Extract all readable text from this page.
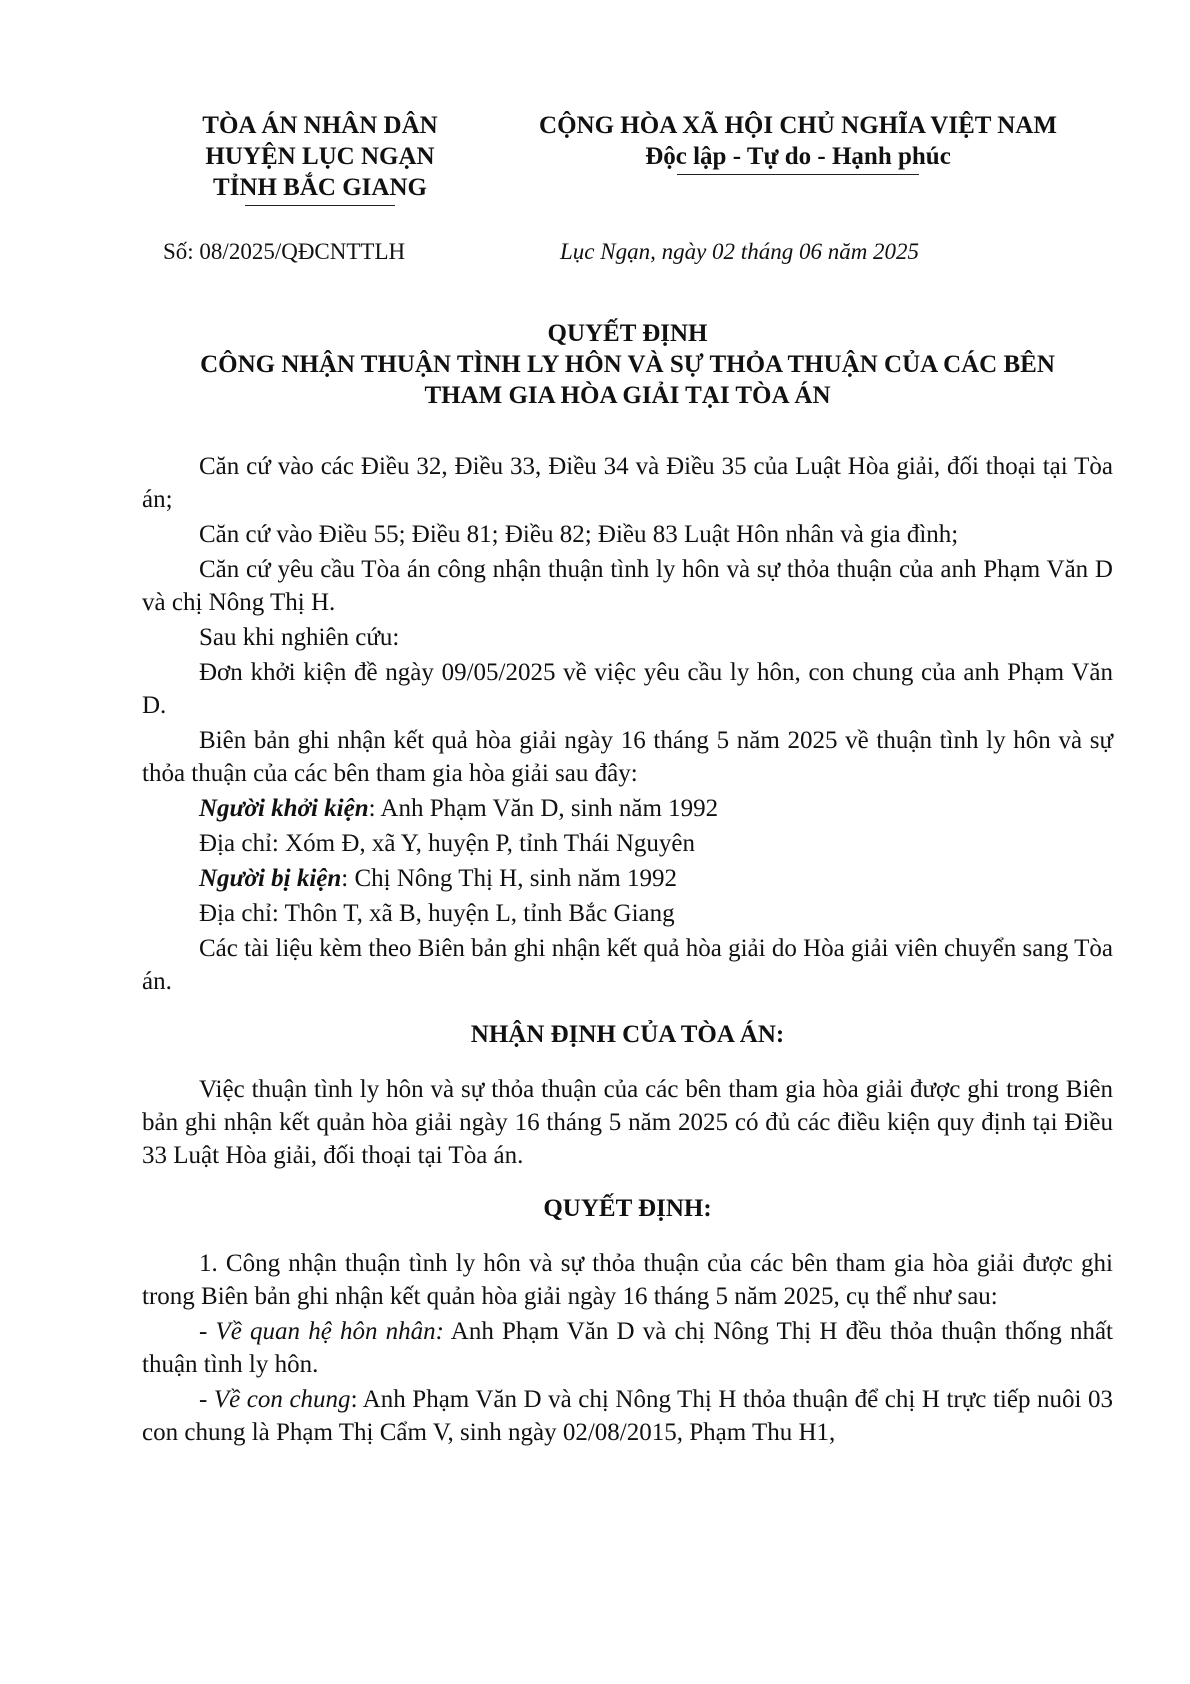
TÒA ÁN NHÂN DÂN
HUYỆN LỤC NGẠN
TỈNH BẮC GIANG
CỘNG HÒA XÃ HỘI CHỦ NGHĨA VIỆT NAM
Độc lập - Tự do - Hạnh phúc
Số: 08/2025/QĐCNTTLH	Lục Ngạn, ngày 02 tháng 06 năm 2025
QUYẾT ĐỊNH
CÔNG NHẬN THUẬN TÌNH LY HÔN VÀ SỰ THỎA THUẬN CỦA CÁC BÊN
THAM GIA HÒA GIẢI TẠI TÒA ÁN

Căn cứ vào các Điều 32, Điều 33, Điều 34 và Điều 35 của Luật Hòa giải, đối thoại tại Tòa án;

Căn cứ vào Điều 55; Điều 81; Điều 82; Điều 83 Luật Hôn nhân và gia đình;

Căn cứ yêu cầu Tòa án công nhận thuận tình ly hôn và sự thỏa thuận của anh Phạm Văn D và chị Nông Thị H.

Sau khi nghiên cứu:

Đơn khởi kiện đề ngày 09/05/2025 về việc yêu cầu ly hôn, con chung của anh Phạm Văn D.

Biên bản ghi nhận kết quả hòa giải ngày 16 tháng 5 năm 2025 về thuận tình ly hôn và sự thỏa thuận của các bên tham gia hòa giải sau đây:

Người khởi kiện: Anh Phạm Văn D, sinh năm 1992

Địa chỉ: Xóm Đ, xã Y, huyện P, tỉnh Thái Nguyên

Người bị kiện: Chị Nông Thị H, sinh năm 1992

Địa chỉ: Thôn T, xã B, huyện L, tỉnh Bắc Giang

Các tài liệu kèm theo Biên bản ghi nhận kết quả hòa giải do Hòa giải viên chuyển sang Tòa án.

NHẬN ĐỊNH CỦA TÒA ÁN:

Việc thuận tình ly hôn và sự thỏa thuận của các bên tham gia hòa giải được ghi trong Biên bản ghi nhận kết quản hòa giải ngày 16 tháng 5 năm 2025 có đủ các điều kiện quy định tại Điều 33 Luật Hòa giải, đối thoại tại Tòa án.

QUYẾT ĐỊNH:

1. Công nhận thuận tình ly hôn và sự thỏa thuận của các bên tham gia hòa giải được ghi trong Biên bản ghi nhận kết quản hòa giải ngày 16 tháng 5 năm 2025, cụ thể như sau:

- Về quan hệ hôn nhân: Anh Phạm Văn D và chị Nông Thị H đều thỏa thuận thống nhất thuận tình ly hôn.

- Về con chung: Anh Phạm Văn D và chị Nông Thị H thỏa thuận để chị H trực tiếp nuôi 03 con chung là Phạm Thị Cẩm V, sinh ngày 02/08/2015, Phạm Thu H1,
